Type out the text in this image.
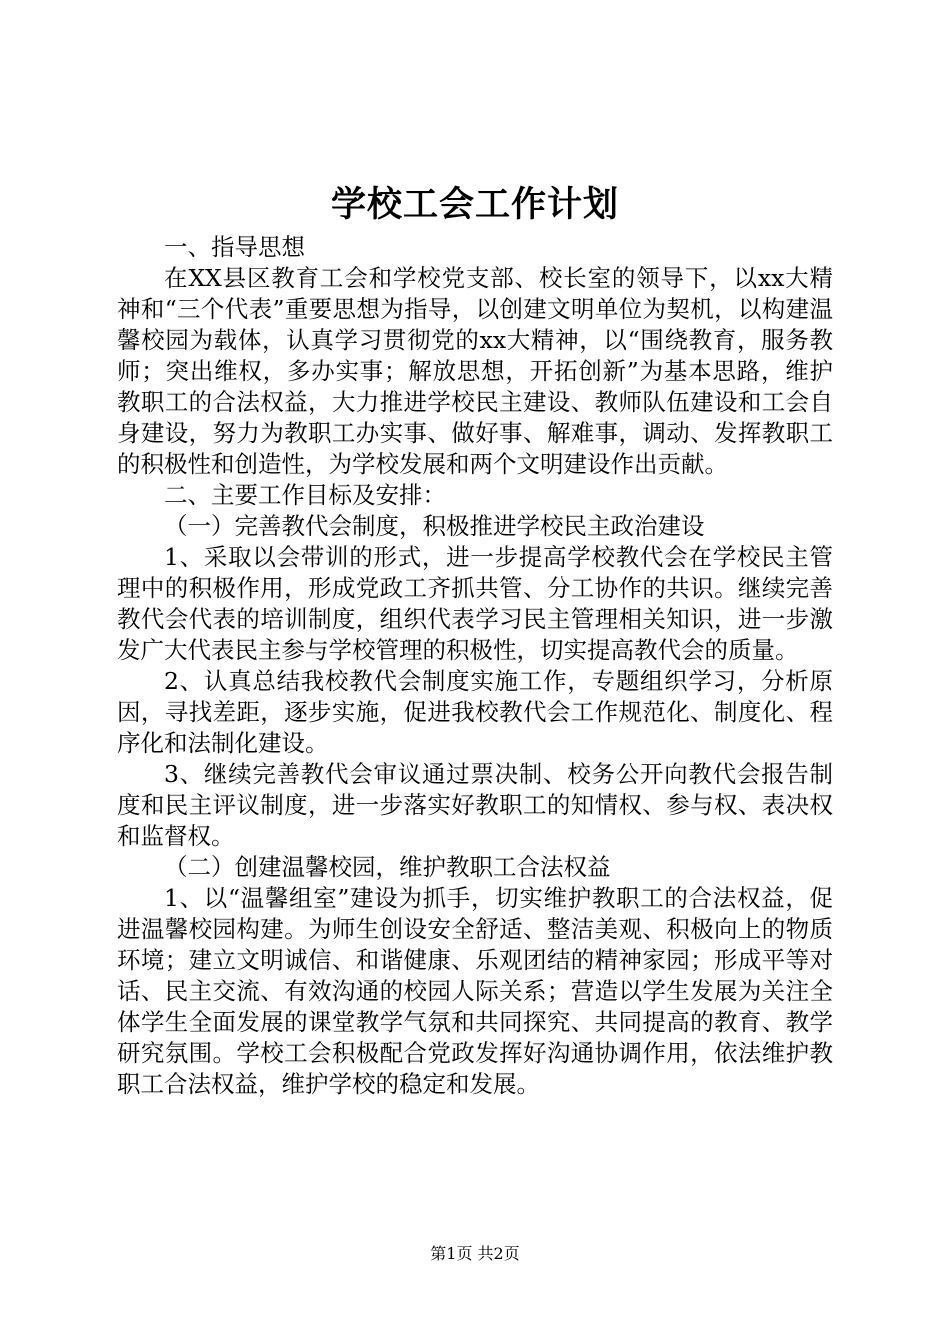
学校工会工作计划

一、指导思想

在XX县区教育工会和学校党支部、校长室的领导下，以xx大精神和“三个代表”重要思想为指导，以创建文明单位为契机，以构建温馨校园为载体，认真学习贯彻党的xx大精神，以“围绕教育，服务教师；突出维权，多办实事；解放思想，开拓创新”为基本思路，维护教职工的合法权益，大力推进学校民主建设、教师队伍建设和工会自身建设，努力为教职工办实事、做好事、解难事，调动、发挥教职工的积极性和创造性，为学校发展和两个文明建设作出贡献。

二、主要工作目标及安排：

（一）完善教代会制度，积极推进学校民主政治建设

1、采取以会带训的形式，进一步提高学校教代会在学校民主管理中的积极作用，形成党政工齐抓共管、分工协作的共识。继续完善教代会代表的培训制度，组织代表学习民主管理相关知识，进一步激发广大代表民主参与学校管理的积极性，切实提高教代会的质量。

2、认真总结我校教代会制度实施工作，专题组织学习，分析原因，寻找差距，逐步实施，促进我校教代会工作规范化、制度化、程序化和法制化建设。

3、继续完善教代会审议通过票决制、校务公开向教代会报告制度和民主评议制度，进一步落实好教职工的知情权、参与权、表决权和监督权。

（二）创建温馨校园，维护教职工合法权益

1、以“温馨组室”建设为抓手，切实维护教职工的合法权益，促进温馨校园构建。为师生创设安全舒适、整洁美观、积极向上的物质环境；建立文明诚信、和谐健康、乐观团结的精神家园；形成平等对话、民主交流、有效沟通的校园人际关系；营造以学生发展为关注全体学生全面发展的课堂教学气氛和共同探究、共同提高的教育、教学研究氛围。学校工会积极配合党政发挥好沟通协调作用，依法维护教职工合法权益，维护学校的稳定和发展。

第1页 共2页
